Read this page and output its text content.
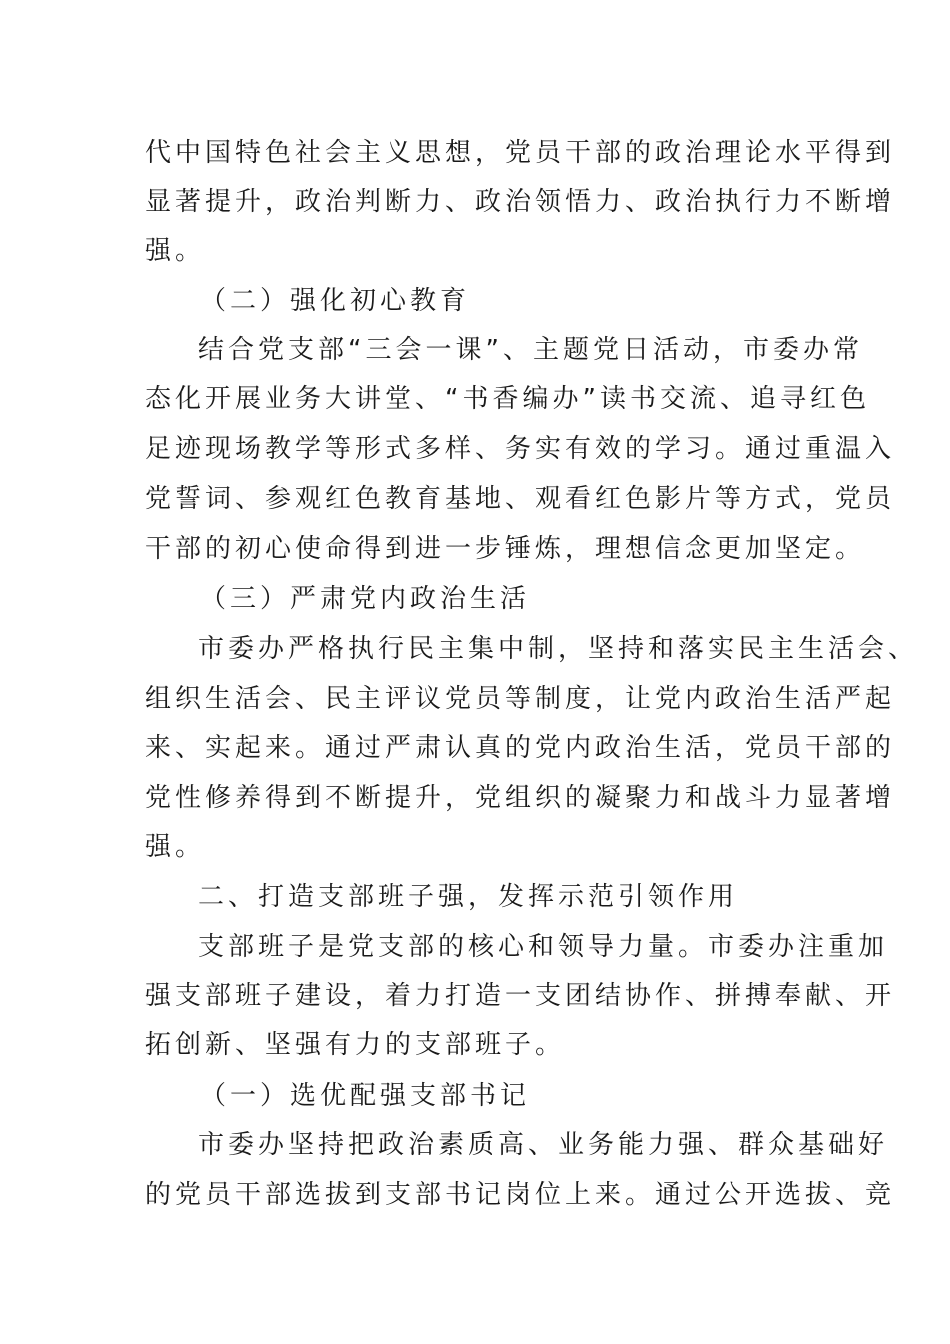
代中国特色社会主义思想，党员干部的政治理论水平得到
显著提升，政治判断力、政治领悟力、政治执行力不断增
强。
（二）强化初心教育
结合党支部“三会一课”、主题党日活动，市委办常
态化开展业务大讲堂、“书香编办”读书交流、追寻红色
足迹现场教学等形式多样、务实有效的学习。通过重温入
党誓词、参观红色教育基地、观看红色影片等方式，党员
干部的初心使命得到进一步锤炼，理想信念更加坚定。
（三）严肃党内政治生活
市委办严格执行民主集中制，坚持和落实民主生活会、
组织生活会、民主评议党员等制度，让党内政治生活严起
来、实起来。通过严肃认真的党内政治生活，党员干部的
党性修养得到不断提升，党组织的凝聚力和战斗力显著增
强。
二、打造支部班子强，发挥示范引领作用
支部班子是党支部的核心和领导力量。市委办注重加
强支部班子建设，着力打造一支团结协作、拼搏奉献、开
拓创新、坚强有力的支部班子。
（一）选优配强支部书记
市委办坚持把政治素质高、业务能力强、群众基础好
的党员干部选拔到支部书记岗位上来。通过公开选拔、竞
